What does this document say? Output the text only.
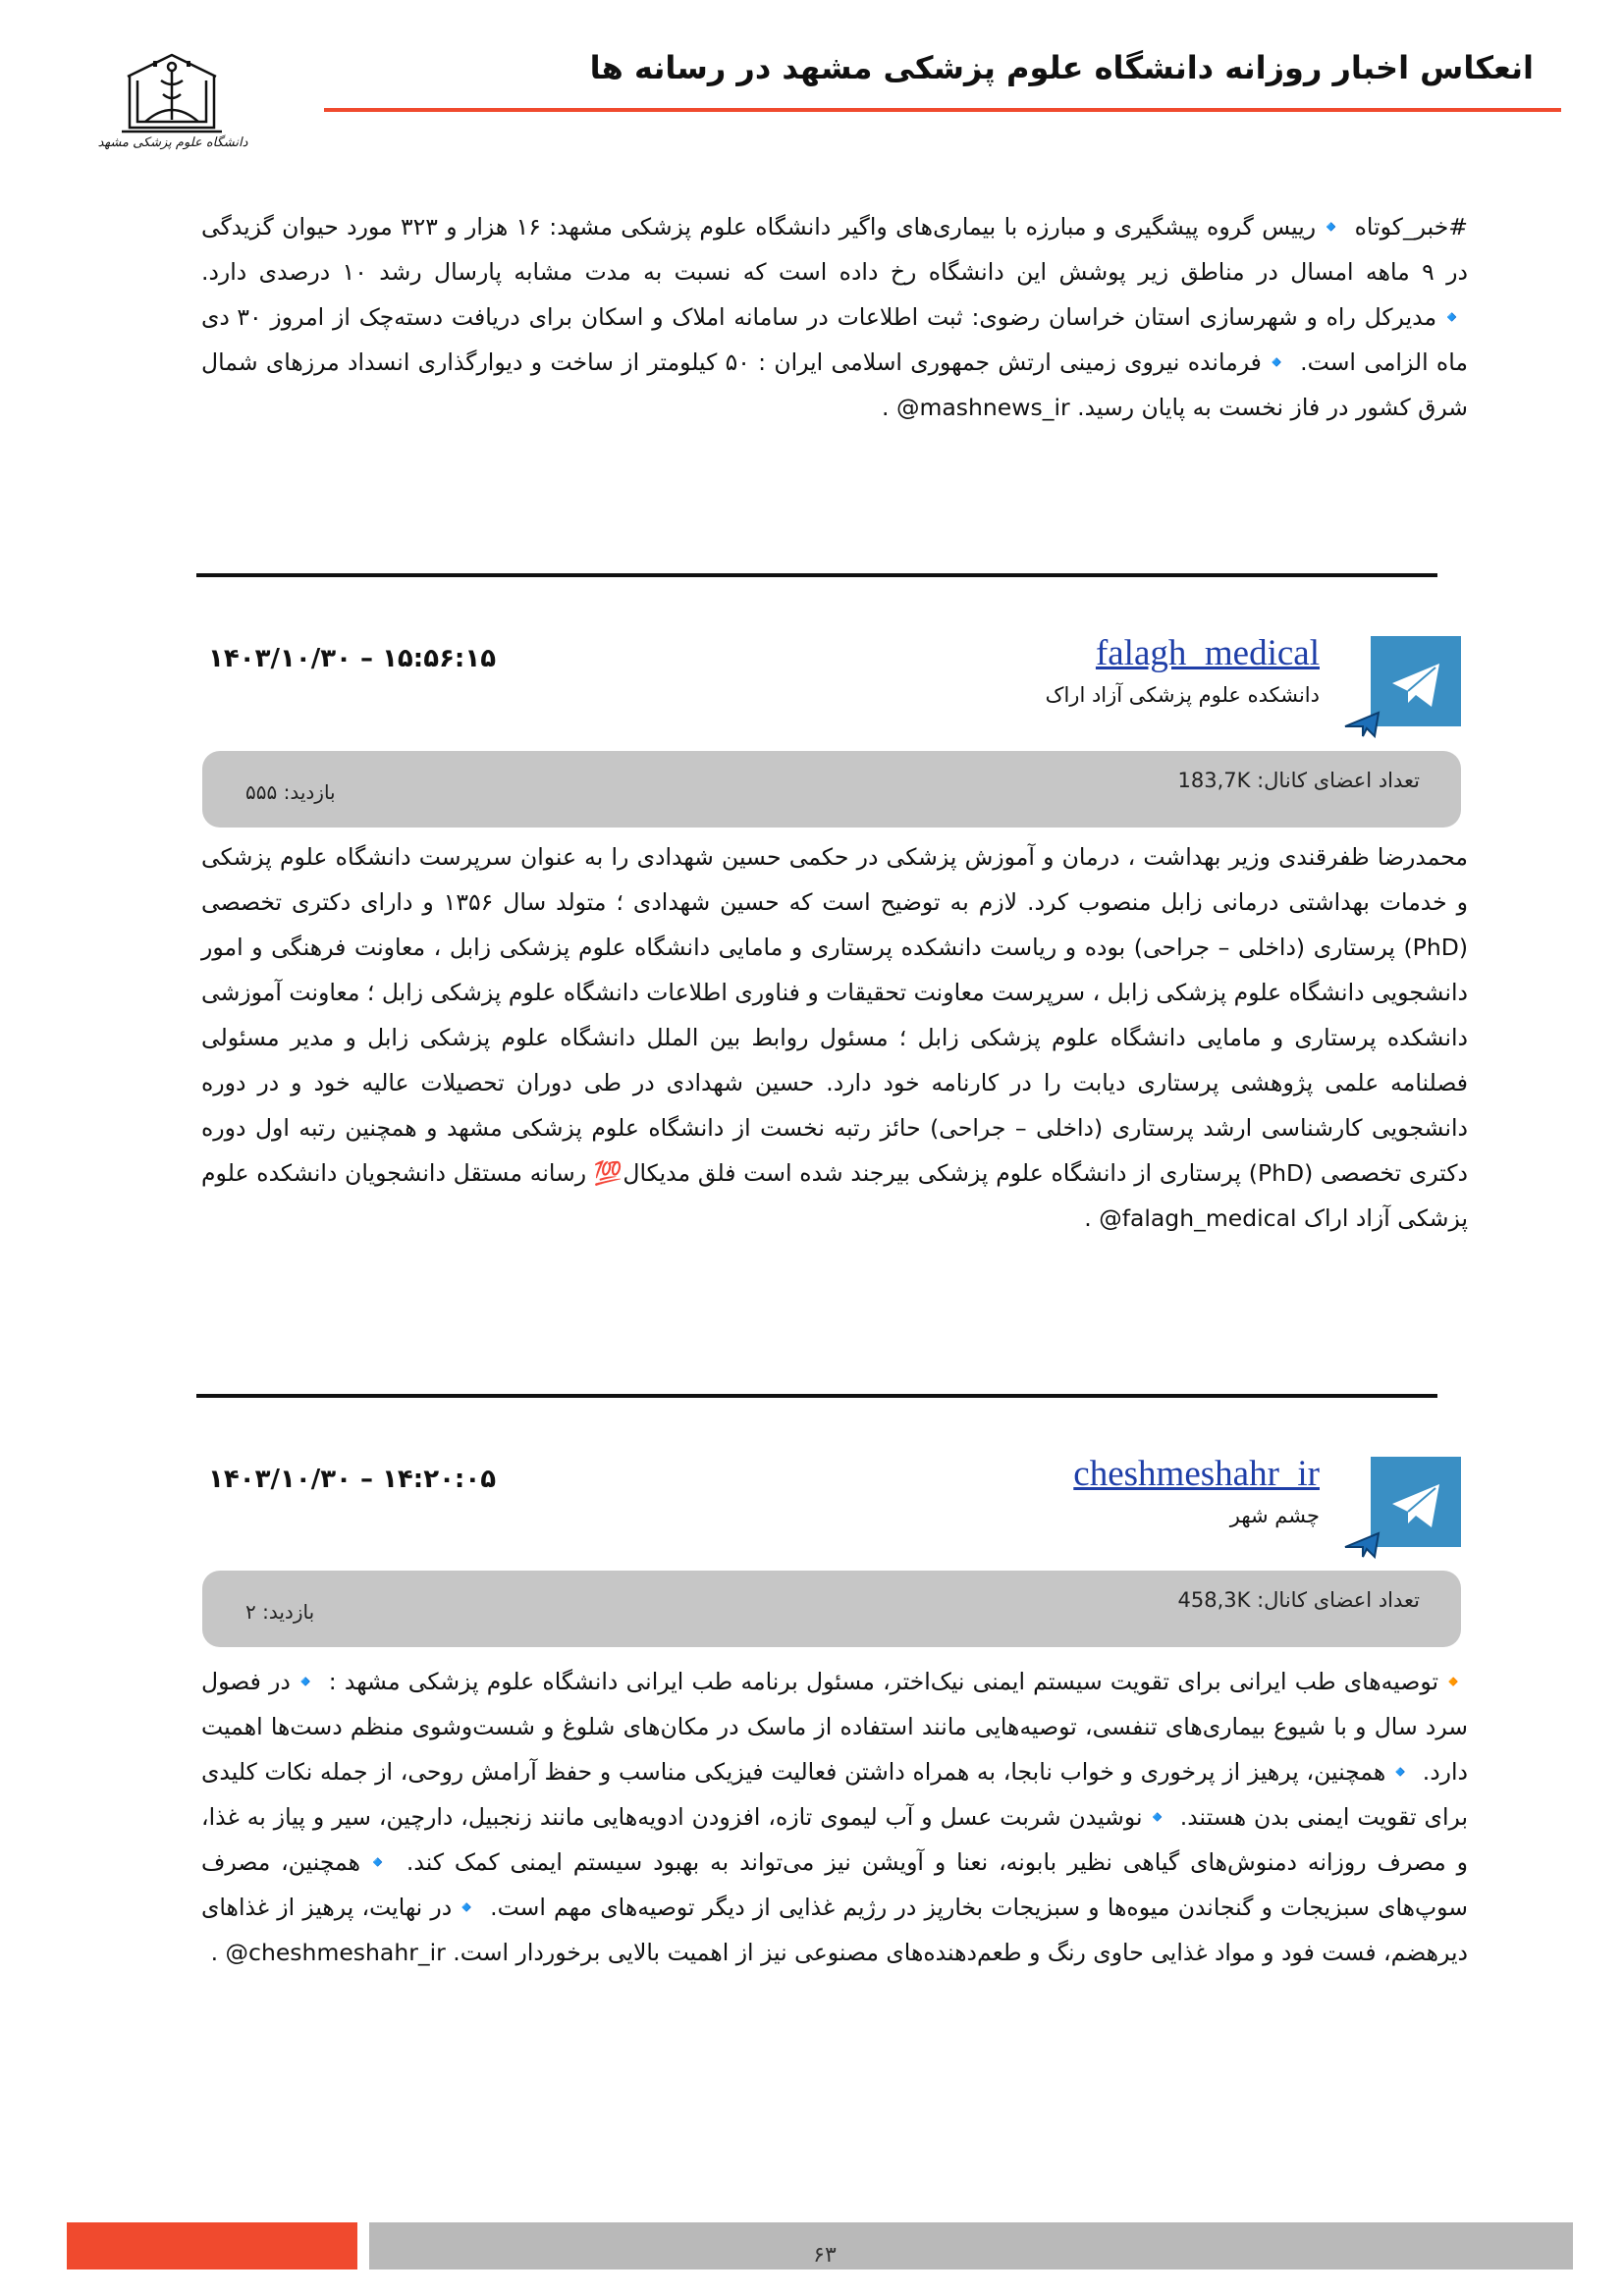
انعکاس اخبار روزانه دانشگاه علوم پزشکی مشهد در رسانه ها
دانشگاه علوم پزشکی مشهد
#خبر_کوتاه 🔹رییس گروه پیشگیری و مبارزه با بیماری‌های واگیر دانشگاه علوم پزشکی مشهد: ۱۶ هزار و ۳۲۳ مورد حیوان گزیدگی در ۹ ماهه امسال در مناطق زیر پوشش این دانشگاه رخ داده است که نسبت به مدت مشابه پارسال رشد ۱۰ درصدی دارد. 🔹مدیرکل راه و شهرسازی استان خراسان رضوی: ثبت اطلاعات در سامانه املاک و اسکان برای دریافت دسته‌چک از امروز ۳۰ دی ماه الزامی است. 🔹فرمانده نیروی زمینی ارتش جمهوری اسلامی ایران : ۵۰ کیلومتر از ساخت و دیوارگذاری انسداد مرزهای شمال شرق کشور در فاز نخست به پایان رسید. ‎@mashnews_ir .
falagh_medical
دانشکده علوم پزشکی آزاد اراک
۱۵:۵۶:۱۵ – ۱۴۰۳/۱۰/۳۰
تعداد اعضای کانال: 183,7K
بازدید: ۵۵۵
محمدرضا ظفرقندی وزیر بهداشت ، درمان و آموزش پزشکی در حکمی حسین شهدادی را به عنوان سرپرست دانشگاه علوم پزشکی و خدمات بهداشتی درمانی زابل منصوب کرد. لازم به توضیح است که حسین شهدادی ؛ متولد سال ۱۳۵۶ و دارای دکتری تخصصی (PhD) پرستاری (داخلی – جراحی) بوده و ریاست دانشکده پرستاری و مامایی دانشگاه علوم پزشکی زابل ، معاونت فرهنگی و امور دانشجویی دانشگاه علوم پزشکی زابل ، سرپرست معاونت تحقیقات و فناوری اطلاعات دانشگاه علوم پزشکی زابل ؛ معاونت آموزشی دانشکده پرستاری و مامایی دانشگاه علوم پزشکی زابل ؛ مسئول روابط بین الملل دانشگاه علوم پزشکی زابل و مدیر مسئولی فصلنامه علمی پژوهشی پرستاری دیابت را در کارنامه خود دارد. حسین شهدادی در طی دوران تحصیلات عالیه خود و در دوره دانشجویی کارشناسی ارشد پرستاری (داخلی – جراحی) حائز رتبه نخست از دانشگاه علوم پزشکی مشهد و همچنین رتبه اول دوره دکتری تخصصی (PhD) پرستاری از دانشگاه علوم پزشکی بیرجند شده است فلق مدیکال💯 رسانه مستقل دانشجویان دانشکده علوم پزشکی آزاد اراک ‎@falagh_medical .
cheshmeshahr_ir
چشم شهر
۱۴:۲۰:۰۵ – ۱۴۰۳/۱۰/۳۰
تعداد اعضای کانال: 458,3K
بازدید: ۲
🔸توصیه‌های طب ایرانی برای تقویت سیستم ایمنی نیک‌اختر، مسئول برنامه طب ایرانی دانشگاه علوم پزشکی مشهد : 🔹در فصول سرد سال و با شیوع بیماری‌های تنفسی، توصیه‌هایی مانند استفاده از ماسک در مکان‌های شلوغ و شست‌وشوی منظم دست‌ها اهمیت دارد. 🔹همچنین، پرهیز از پرخوری و خواب نابجا، به همراه داشتن فعالیت فیزیکی مناسب و حفظ آرامش روحی، از جمله نکات کلیدی برای تقویت ایمنی بدن هستند. 🔹نوشیدن شربت عسل و آب لیموی تازه، افزودن ادویه‌هایی مانند زنجبیل، دارچین، سیر و پیاز به غذا، و مصرف روزانه دمنوش‌های گیاهی نظیر بابونه، نعنا و آویشن نیز می‌تواند به بهبود سیستم ایمنی کمک کند. 🔹همچنین، مصرف سوپ‌های سبزیجات و گنجاندن میوه‌ها و سبزیجات بخارپز در رژیم غذایی از دیگر توصیه‌های مهم است. 🔹در نهایت، پرهیز از غذاهای دیرهضم، فست فود و مواد غذایی حاوی رنگ و طعم‌دهنده‌های مصنوعی نیز از اهمیت بالایی برخوردار است. ‎@cheshmeshahr_ir .
۶۳
